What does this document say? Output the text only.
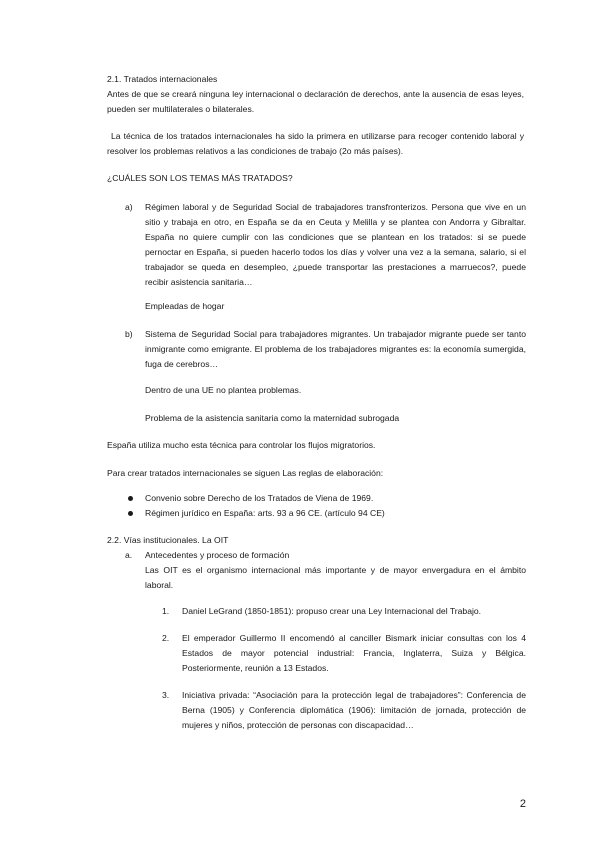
2.1. Tratados internacionales
Antes de que se creará ninguna ley internacional o declaración de derechos, ante la ausencia de esas leyes, pueden ser multilaterales o bilaterales.
La técnica de los tratados internacionales ha sido la primera en utilizarse para recoger contenido laboral y resolver los problemas relativos a las condiciones de trabajo (2o más países).
¿CUÁLES SON LOS TEMAS MÁS TRATADOS?
a) Régimen laboral y de Seguridad Social de trabajadores transfronterizos. Persona que vive en un sitio y trabaja en otro, en España se da en Ceuta y Melilla y se plantea con Andorra y Gibraltar. España no quiere cumplir con las condiciones que se plantean en los tratados: si se puede pernoctar en España, si pueden hacerlo todos los días y volver una vez a la semana, salario, si el trabajador se queda en desempleo, ¿puede transportar las prestaciones a marruecos?, puede recibir asistencia sanitaria…
Empleadas de hogar
b) Sistema de Seguridad Social para trabajadores migrantes. Un trabajador migrante puede ser tanto inmigrante como emigrante. El problema de los trabajadores migrantes es: la economía sumergida, fuga de cerebros…
Dentro de una UE no plantea problemas.
Problema de la asistencia sanitaria como la maternidad subrogada
España utiliza mucho esta técnica para controlar los flujos migratorios.
Para crear tratados internacionales se siguen Las reglas de elaboración:
Convenio sobre Derecho de los Tratados de Viena de 1969.
Régimen jurídico en España: arts. 93 a 96 CE. (artículo 94 CE)
2.2. Vías institucionales. La OIT
a. Antecedentes y proceso de formación
Las OIT es el organismo internacional más importante y de mayor envergadura en el ámbito laboral.
1.	Daniel LeGrand (1850-1851): propuso crear una Ley Internacional del Trabajo.
2.	El emperador Guillermo II encomendó al canciller Bismark iniciar consultas con los 4 Estados de mayor potencial industrial: Francia, Inglaterra, Suiza y Bélgica. Posteriormente, reunión a 13 Estados.
3.	Iniciativa privada: “Asociación para la protección legal de trabajadores”: Conferencia de Berna (1905) y Conferencia diplomática (1906): limitación de jornada, protección de mujeres y niños, protección de personas con discapacidad…
2
